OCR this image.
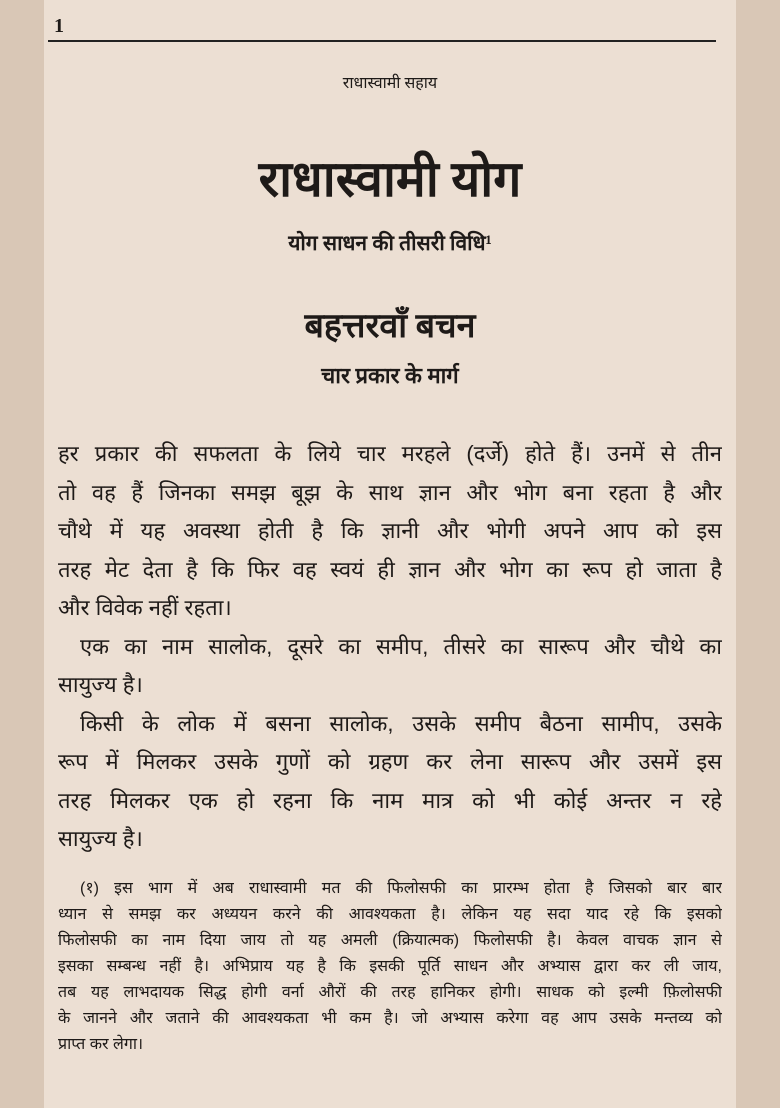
1
राधास्वामी सहाय
राधास्वामी योग
योग साधन की तीसरी विधि¹
बहत्तरवाँ बचन
चार प्रकार के मार्ग
हर प्रकार की सफलता के लिये चार मरहले (दर्जे) होते हैं। उनमें से तीन
तो वह हैं जिनका समझ बूझ के साथ ज्ञान और भोग बना रहता है और
चौथे में यह अवस्था होती है कि ज्ञानी और भोगी अपने आप को इस
तरह मेट देता है कि फिर वह स्वयं ही ज्ञान और भोग का रूप हो जाता है
और विवेक नहीं रहता।
एक का नाम सालोक, दूसरे का समीप, तीसरे का सारूप और चौथे का
सायुज्य है।
किसी के लोक में बसना सालोक, उसके समीप बैठना सामीप, उसके
रूप में मिलकर उसके गुणों को ग्रहण कर लेना सारूप और उसमें इस
तरह मिलकर एक हो रहना कि नाम मात्र को भी कोई अन्तर न रहे
सायुज्य है।
(१) इस भाग में अब राधास्वामी मत की फिलोसफी का प्रारम्भ होता है जिसको बार बार
ध्यान से समझ कर अध्ययन करने की आवश्यकता है। लेकिन यह सदा याद रहे कि इसको
फिलोसफी का नाम दिया जाय तो यह अमली (क्रियात्मक) फिलोसफी है। केवल वाचक ज्ञान से
इसका सम्बन्ध नहीं है। अभिप्राय यह है कि इसकी पूर्ति साधन और अभ्यास द्वारा कर ली जाय,
तब यह लाभदायक सिद्ध होगी वर्ना औरों की तरह हानिकर होगी। साधक को इल्मी फ़िलोसफी
के जानने और जताने की आवश्यकता भी कम है। जो अभ्यास करेगा वह आप उसके मन्तव्य को
प्राप्त कर लेगा।
